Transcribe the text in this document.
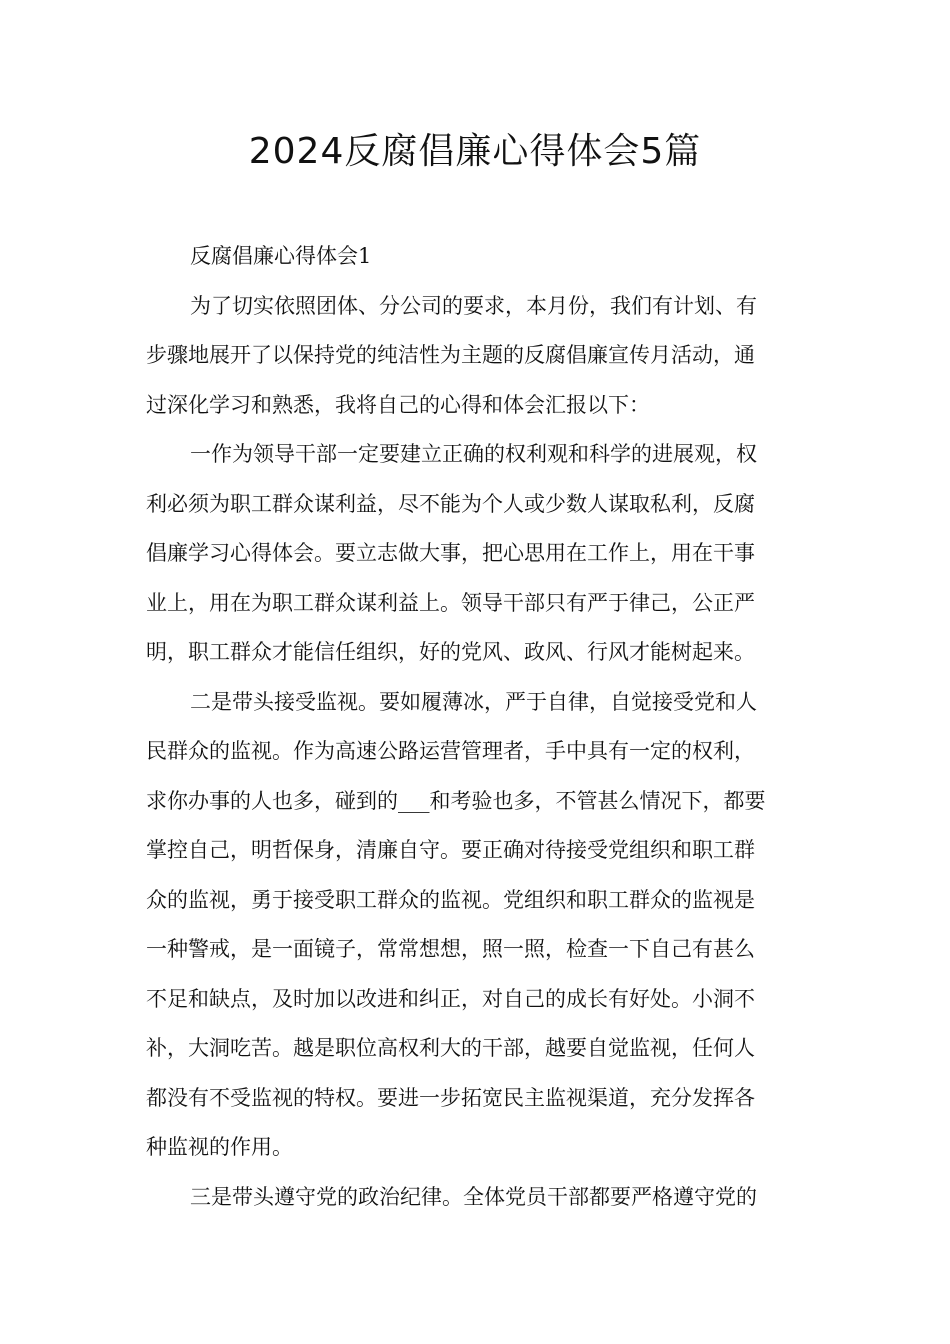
2024反腐倡廉心得体会5篇

反腐倡廉心得体会1

为了切实依照团体、分公司的要求，本月份，我们有计划、有
步骤地展开了以保持党的纯洁性为主题的反腐倡廉宣传月活动，通
过深化学习和熟悉，我将自己的心得和体会汇报以下：

一作为领导干部一定要建立正确的权利观和科学的进展观，权
利必须为职工群众谋利益，尽不能为个人或少数人谋取私利，反腐
倡廉学习心得体会。要立志做大事，把心思用在工作上，用在干事
业上，用在为职工群众谋利益上。领导干部只有严于律己，公正严
明，职工群众才能信任组织，好的党风、政风、行风才能树起来。

二是带头接受监视。要如履薄冰，严于自律，自觉接受党和人
民群众的监视。作为高速公路运营管理者，手中具有一定的权利，
求你办事的人也多，碰到的___和考验也多，不管甚么情况下，都要
掌控自己，明哲保身，清廉自守。要正确对待接受党组织和职工群
众的监视，勇于接受职工群众的监视。党组织和职工群众的监视是
一种警戒，是一面镜子，常常想想，照一照，检查一下自己有甚么
不足和缺点，及时加以改进和纠正，对自己的成长有好处。小洞不
补，大洞吃苦。越是职位高权利大的干部，越要自觉监视，任何人
都没有不受监视的特权。要进一步拓宽民主监视渠道，充分发挥各
种监视的作用。

三是带头遵守党的政治纪律。全体党员干部都要严格遵守党的
